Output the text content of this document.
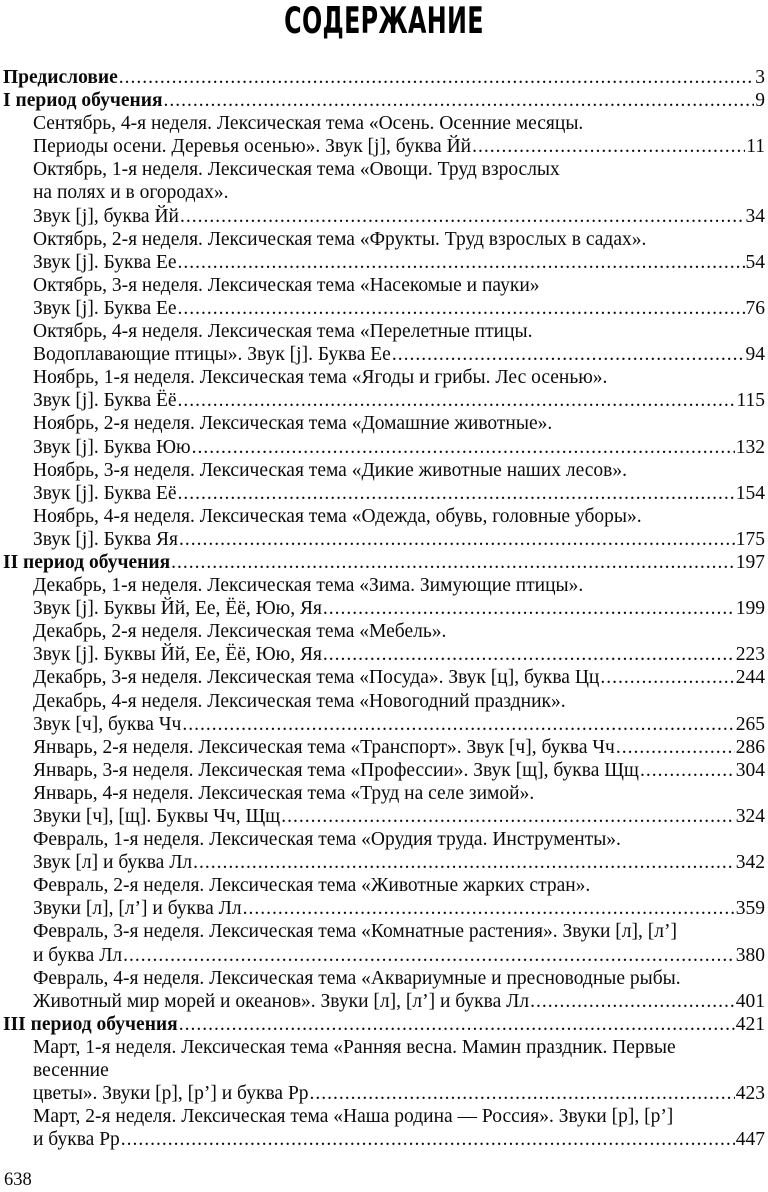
СОДЕРЖАНИЕ
Предисловие .....	3
I период обучения .....	9
Сентябрь, 4-я неделя. Лексическая тема «Осень. Осенние месяцы.
Периоды осени. Деревья осенью». Звук [j], буква Йй .....	11
Октябрь, 1-я неделя. Лексическая тема «Овощи. Труд взрослых
на полях и в огородах».
Звук [j], буква Йй .....	34
Октябрь, 2-я неделя. Лексическая тема «Фрукты. Труд взрослых в садах».
Звук [j]. Буква Ее .....	54
Октябрь, 3-я неделя. Лексическая тема «Насекомые и пауки»
Звук [j]. Буква Ее .....	76
Октябрь, 4-я неделя. Лексическая тема «Перелетные птицы.
Водоплавающие птицы». Звук [j]. Буква Ее .....	94
Ноябрь, 1-я неделя. Лексическая тема «Ягоды и грибы. Лес осенью».
Звук [j]. Буква Ёё .....	115
Ноябрь, 2-я неделя. Лексическая тема «Домашние животные».
Звук [j]. Буква Юю .....	132
Ноябрь, 3-я неделя. Лексическая тема «Дикие животные наших лесов».
Звук [j]. Буква Её .....	154
Ноябрь, 4-я неделя. Лексическая тема «Одежда, обувь, головные уборы».
Звук [j]. Буква Яя .....	175
II период обучения .....	197
Декабрь, 1-я неделя. Лексическая тема «Зима. Зимующие птицы».
Звук [j]. Буквы Йй, Ее, Ёё, Юю, Яя .....	199
Декабрь, 2-я неделя. Лексическая тема «Мебель».
Звук [j]. Буквы Йй, Ее, Ёё, Юю, Яя .....	223
Декабрь, 3-я неделя. Лексическая тема «Посуда». Звук [ц], буква Цц .....	244
Декабрь, 4-я неделя. Лексическая тема «Новогодний праздник».
Звук [ч], буква Чч .....	265
Январь, 2-я неделя. Лексическая тема «Транспорт». Звук [ч], буква Чч .....	286
Январь, 3-я неделя. Лексическая тема «Профессии». Звук [щ], буква Щщ .....	304
Январь, 4-я неделя. Лексическая тема «Труд на селе зимой».
Звуки [ч], [щ]. Буквы Чч, Щщ .....	324
Февраль, 1-я неделя. Лексическая тема «Орудия труда. Инструменты».
Звук [л] и буква Лл .....	342
Февраль, 2-я неделя. Лексическая тема «Животные жарких стран».
Звуки [л], [л’] и буква Лл .....	359
Февраль, 3-я неделя. Лексическая тема «Комнатные растения». Звуки [л], [л’]
и буква Лл .....	380
Февраль, 4-я неделя. Лексическая тема «Аквариумные и пресноводные рыбы.
Животный мир морей и океанов». Звуки [л], [л’] и буква Лл .....	401
III период обучения .....	421
Март, 1-я неделя. Лексическая тема «Ранняя весна. Мамин праздник. Первые
весенние
цветы». Звуки [р], [р’] и буква Рр .....	423
Март, 2-я неделя. Лексическая тема «Наша родина — Россия». Звуки [р], [р’]
и буква Рр .....	447
638
